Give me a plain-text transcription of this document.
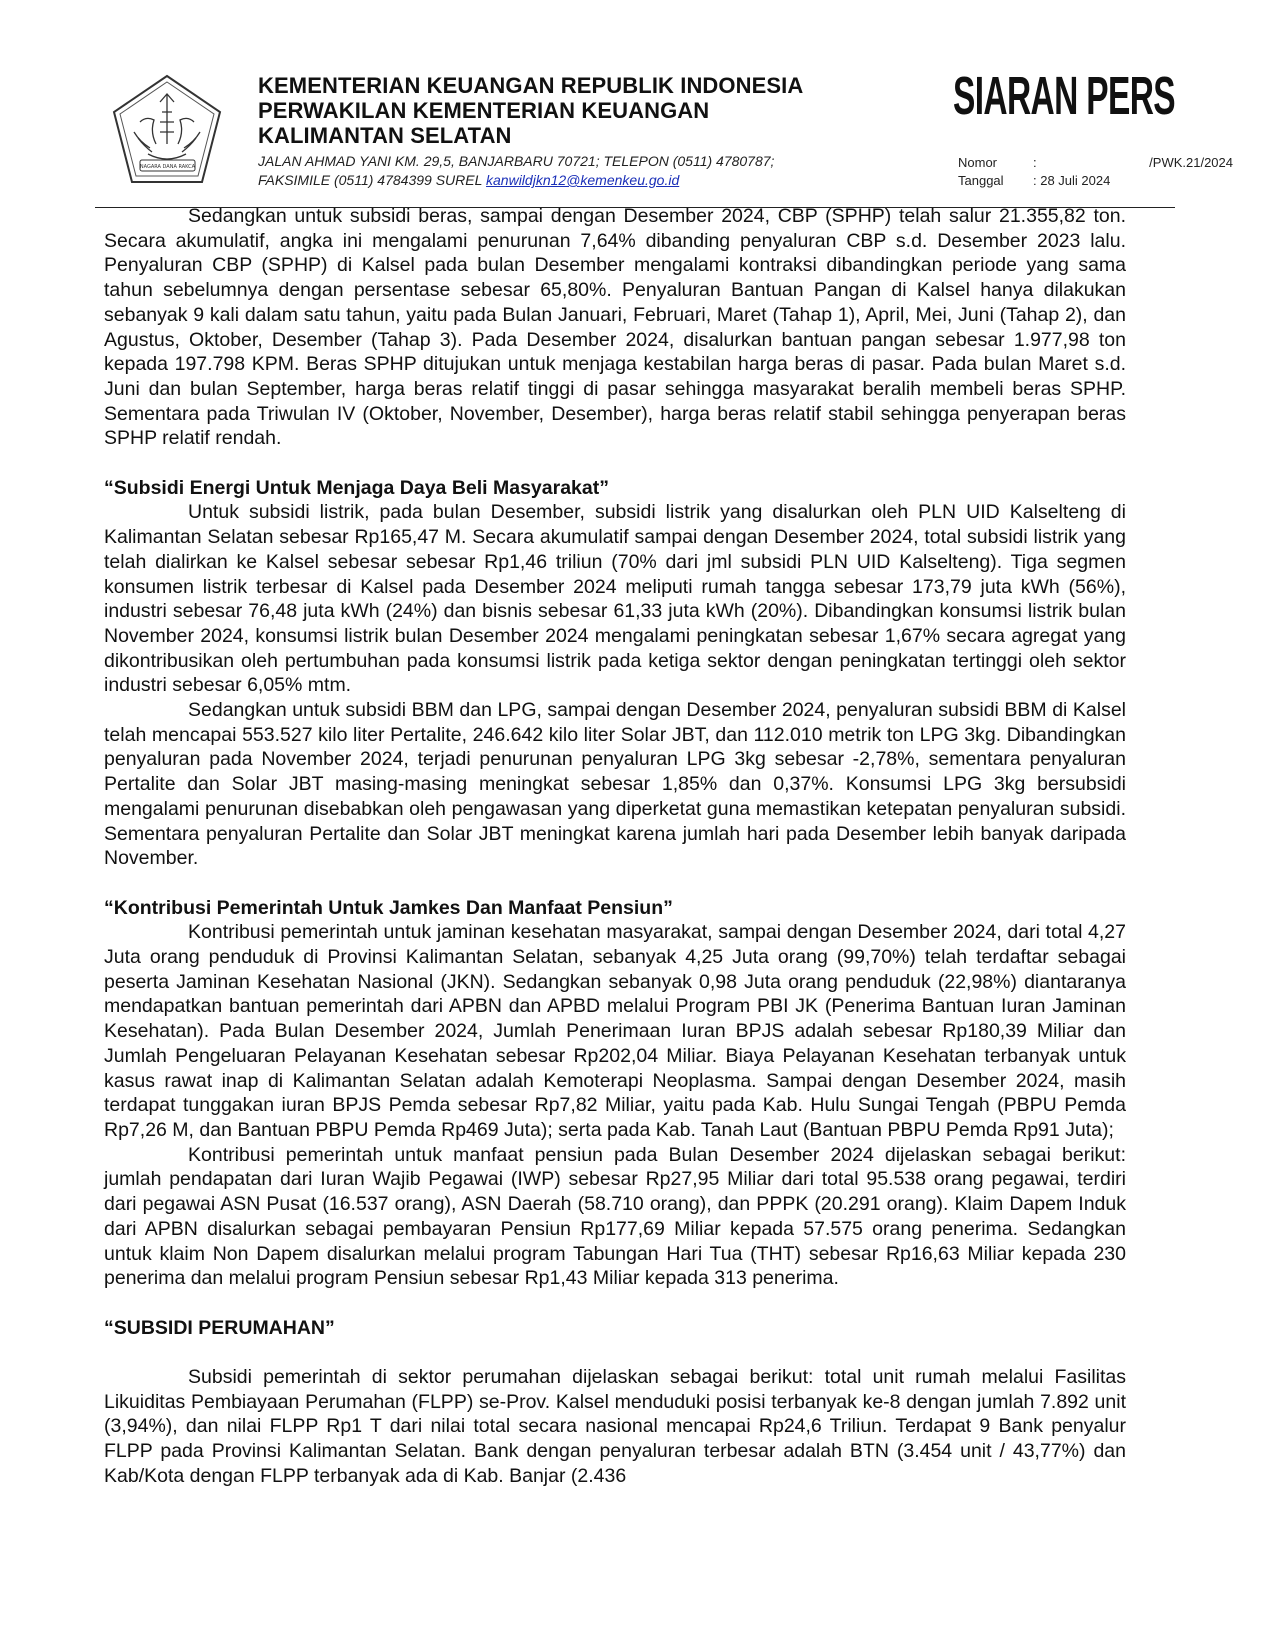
NAGARA DANA RAKCA
KEMENTERIAN KEUANGAN REPUBLIK INDONESIA
PERWAKILAN KEMENTERIAN KEUANGAN
KALIMANTAN SELATAN
JALAN AHMAD YANI KM. 29,5, BANJARBARU 70721; TELEPON (0511) 4780787;
FAKSIMILE (0511) 4784399 SUREL kanwildjkn12@kemenkeu.go.id
SIARAN PERS
Nomor	:	/PWK.21/2024
Tanggal	: 28 Juli 2024

Sedangkan untuk subsidi beras, sampai dengan Desember 2024, CBP (SPHP) telah salur 21.355,82 ton. Secara akumulatif, angka ini mengalami penurunan 7,64% dibanding penyaluran CBP s.d. Desember 2023 lalu. Penyaluran CBP (SPHP) di Kalsel pada bulan Desember mengalami kontraksi dibandingkan periode yang sama tahun sebelumnya dengan persentase sebesar 65,80%. Penyaluran Bantuan Pangan di Kalsel hanya dilakukan sebanyak 9 kali dalam satu tahun, yaitu pada Bulan Januari, Februari, Maret (Tahap 1), April, Mei, Juni (Tahap 2), dan Agustus, Oktober, Desember (Tahap 3). Pada Desember 2024, disalurkan bantuan pangan sebesar 1.977,98 ton kepada 197.798 KPM. Beras SPHP ditujukan untuk menjaga kestabilan harga beras di pasar. Pada bulan Maret s.d. Juni dan bulan September, harga beras relatif tinggi di pasar sehingga masyarakat beralih membeli beras SPHP. Sementara pada Triwulan IV (Oktober, November, Desember), harga beras relatif stabil sehingga penyerapan beras SPHP relatif rendah.

“Subsidi Energi Untuk Menjaga Daya Beli Masyarakat”

Untuk subsidi listrik, pada bulan Desember, subsidi listrik yang disalurkan oleh PLN UID Kalselteng di Kalimantan Selatan sebesar Rp165,47 M. Secara akumulatif sampai dengan Desember 2024, total subsidi listrik yang telah dialirkan ke Kalsel sebesar sebesar Rp1,46 triliun (70% dari jml subsidi PLN UID Kalselteng). Tiga segmen konsumen listrik terbesar di Kalsel pada Desember 2024 meliputi rumah tangga sebesar 173,79 juta kWh (56%), industri sebesar 76,48 juta kWh (24%) dan bisnis sebesar 61,33 juta kWh (20%). Dibandingkan konsumsi listrik bulan November 2024, konsumsi listrik bulan Desember 2024 mengalami peningkatan sebesar 1,67% secara agregat yang dikontribusikan oleh pertumbuhan pada konsumsi listrik pada ketiga sektor dengan peningkatan tertinggi oleh sektor industri sebesar 6,05% mtm.

Sedangkan untuk subsidi BBM dan LPG, sampai dengan Desember 2024, penyaluran subsidi BBM di Kalsel telah mencapai 553.527 kilo liter Pertalite, 246.642 kilo liter Solar JBT, dan 112.010 metrik ton LPG 3kg. Dibandingkan penyaluran pada November 2024, terjadi penurunan penyaluran LPG 3kg sebesar -2,78%, sementara penyaluran Pertalite dan Solar JBT masing-masing meningkat sebesar 1,85% dan 0,37%. Konsumsi LPG 3kg bersubsidi mengalami penurunan disebabkan oleh pengawasan yang diperketat guna memastikan ketepatan penyaluran subsidi. Sementara penyaluran Pertalite dan Solar JBT meningkat karena jumlah hari pada Desember lebih banyak daripada November.

“Kontribusi Pemerintah Untuk Jamkes Dan Manfaat Pensiun”

Kontribusi pemerintah untuk jaminan kesehatan masyarakat, sampai dengan Desember 2024, dari total 4,27 Juta orang penduduk di Provinsi Kalimantan Selatan, sebanyak 4,25 Juta orang (99,70%) telah terdaftar sebagai peserta Jaminan Kesehatan Nasional (JKN). Sedangkan sebanyak 0,98 Juta orang penduduk (22,98%) diantaranya mendapatkan bantuan pemerintah dari APBN dan APBD melalui Program PBI JK (Penerima Bantuan Iuran Jaminan Kesehatan). Pada Bulan Desember 2024, Jumlah Penerimaan Iuran BPJS adalah sebesar Rp180,39 Miliar dan Jumlah Pengeluaran Pelayanan Kesehatan sebesar Rp202,04 Miliar. Biaya Pelayanan Kesehatan terbanyak untuk kasus rawat inap di Kalimantan Selatan adalah Kemoterapi Neoplasma. Sampai dengan Desember 2024, masih terdapat tunggakan iuran BPJS Pemda sebesar Rp7,82 Miliar, yaitu pada Kab. Hulu Sungai Tengah (PBPU Pemda Rp7,26 M, dan Bantuan PBPU Pemda Rp469 Juta); serta pada Kab. Tanah Laut (Bantuan PBPU Pemda Rp91 Juta);

Kontribusi pemerintah untuk manfaat pensiun pada Bulan Desember 2024 dijelaskan sebagai berikut: jumlah pendapatan dari Iuran Wajib Pegawai (IWP) sebesar Rp27,95 Miliar dari total 95.538 orang pegawai, terdiri dari pegawai ASN Pusat (16.537 orang), ASN Daerah (58.710 orang), dan PPPK (20.291 orang). Klaim Dapem Induk dari APBN disalurkan sebagai pembayaran Pensiun Rp177,69 Miliar kepada 57.575 orang penerima. Sedangkan untuk klaim Non Dapem disalurkan melalui program Tabungan Hari Tua (THT) sebesar Rp16,63 Miliar kepada 230 penerima dan melalui program Pensiun sebesar Rp1,43 Miliar kepada 313 penerima.

“SUBSIDI PERUMAHAN”

Subsidi pemerintah di sektor perumahan dijelaskan sebagai berikut: total unit rumah melalui Fasilitas Likuiditas Pembiayaan Perumahan (FLPP) se-Prov. Kalsel menduduki posisi terbanyak ke-8 dengan jumlah 7.892 unit (3,94%), dan nilai FLPP Rp1 T dari nilai total secara nasional mencapai Rp24,6 Triliun. Terdapat 9 Bank penyalur FLPP pada Provinsi Kalimantan Selatan. Bank dengan penyaluran terbesar adalah BTN (3.454 unit / 43,77%) dan Kab/Kota dengan FLPP terbanyak ada di Kab. Banjar (2.436
